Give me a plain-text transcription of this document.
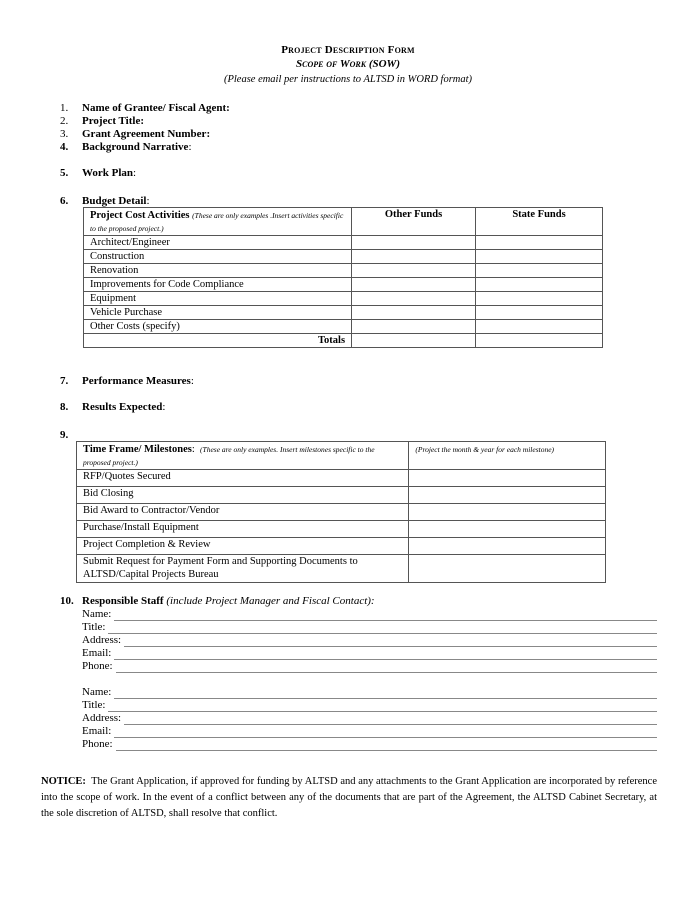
Project Description Form
Scope of Work (SOW)
(Please email per instructions to ALTSD in WORD format)
1.	Name of Grantee/ Fiscal Agent:
2.	Project Title:
3.	Grant Agreement Number:
4. Background Narrative:
5. Work Plan:
6. Budget Detail:
Project Cost Activities (These are only examples .Insert activities specific to the proposed project.)	Other Funds	State Funds
Architect/Engineer		
Construction		
Renovation		
Improvements for Code Compliance		
Equipment		
Vehicle Purchase		
Other Costs (specify)		
Totals		
7. Performance Measures:
8. Results Expected:
9.
Time Frame/ Milestones:  (These are only examples. Insert milestones specific to the proposed project.)	(Project the month & year for each milestone)
RFP/Quotes Secured	
Bid Closing	
Bid Award to Contractor/Vendor	
Purchase/Install Equipment	
Project Completion & Review	
Submit Request for Payment Form and Supporting Documents to ALTSD/Capital Projects Bureau	
10. Responsible Staff (include Project Manager and Fiscal Contact):
Name:
Title:
Address:
Email:
Phone:
Name:
Title:
Address:
Email:
Phone:
NOTICE: The Grant Application, if approved for funding by ALTSD and any attachments to the Grant Application are incorporated by reference into the scope of work. In the event of a conflict between any of the documents that are part of the Agreement, the ALTSD Cabinet Secretary, at the sole discretion of ALTSD, shall resolve that conflict.
